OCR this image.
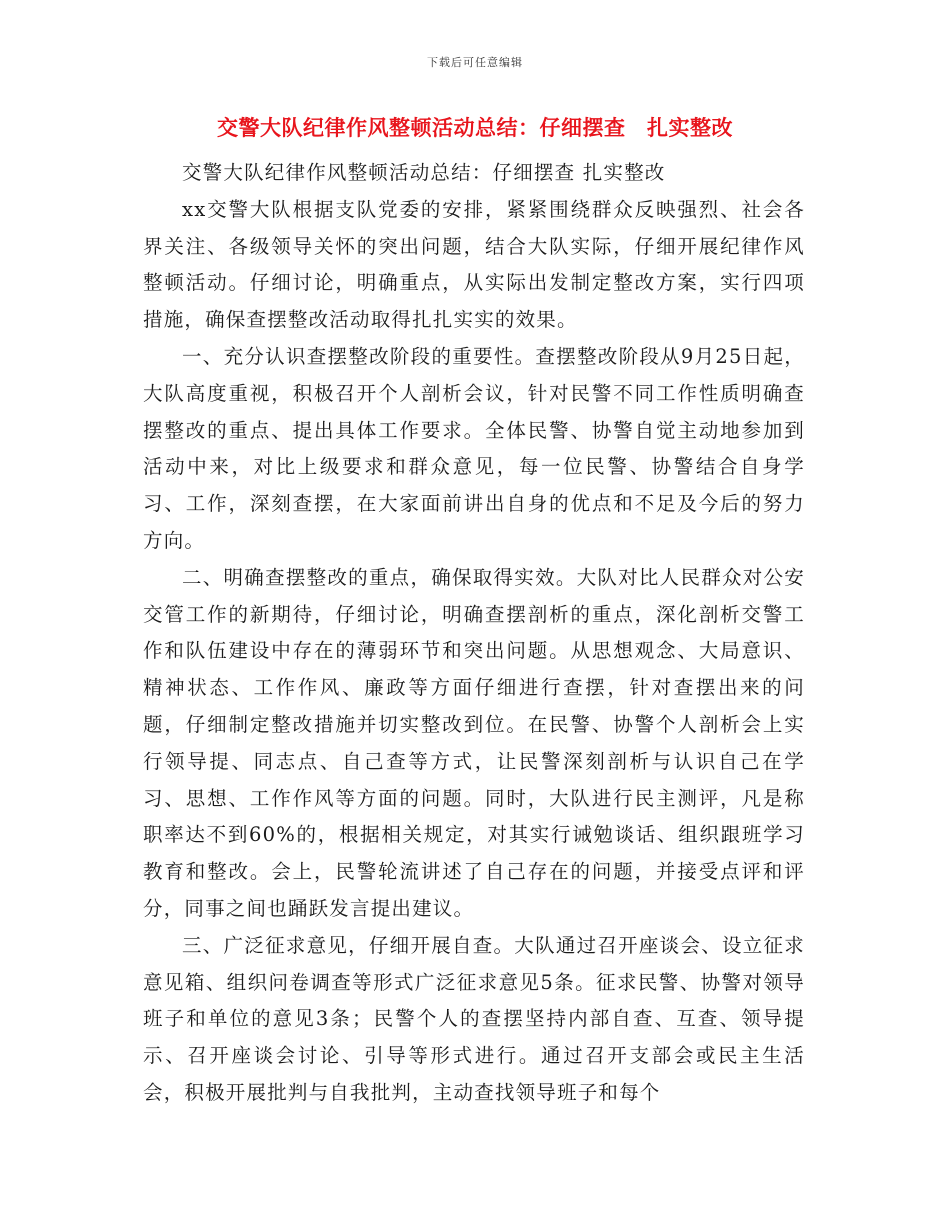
下载后可任意编辑
交警大队纪律作风整顿活动总结：仔细摆查　扎实整改

交警大队纪律作风整顿活动总结：仔细摆查 扎实整改

xx交警大队根据支队党委的安排，紧紧围绕群众反映强烈、社会各界关注、各级领导关怀的突出问题，结合大队实际，仔细开展纪律作风整顿活动。仔细讨论，明确重点，从实际出发制定整改方案，实行四项措施，确保查摆整改活动取得扎扎实实的效果。

一、充分认识查摆整改阶段的重要性。查摆整改阶段从9月25日起，大队高度重视，积极召开个人剖析会议，针对民警不同工作性质明确查摆整改的重点、提出具体工作要求。全体民警、协警自觉主动地参加到活动中来，对比上级要求和群众意见，每一位民警、协警结合自身学习、工作，深刻查摆，在大家面前讲出自身的优点和不足及今后的努力方向。

二、明确查摆整改的重点，确保取得实效。大队对比人民群众对公安交管工作的新期待，仔细讨论，明确查摆剖析的重点，深化剖析交警工作和队伍建设中存在的薄弱环节和突出问题。从思想观念、大局意识、精神状态、工作作风、廉政等方面仔细进行查摆，针对查摆出来的问题，仔细制定整改措施并切实整改到位。在民警、协警个人剖析会上实行领导提、同志点、自己查等方式，让民警深刻剖析与认识自己在学习、思想、工作作风等方面的问题。同时，大队进行民主测评，凡是称职率达不到60%的，根据相关规定，对其实行诫勉谈话、组织跟班学习教育和整改。会上，民警轮流讲述了自己存在的问题，并接受点评和评分，同事之间也踊跃发言提出建议。

三、广泛征求意见，仔细开展自查。大队通过召开座谈会、设立征求意见箱、组织问卷调查等形式广泛征求意见5条。征求民警、协警对领导班子和单位的意见3条；民警个人的查摆坚持内部自查、互查、领导提示、召开座谈会讨论、引导等形式进行。通过召开支部会或民主生活会，积极开展批判与自我批判，主动查找领导班子和每个
